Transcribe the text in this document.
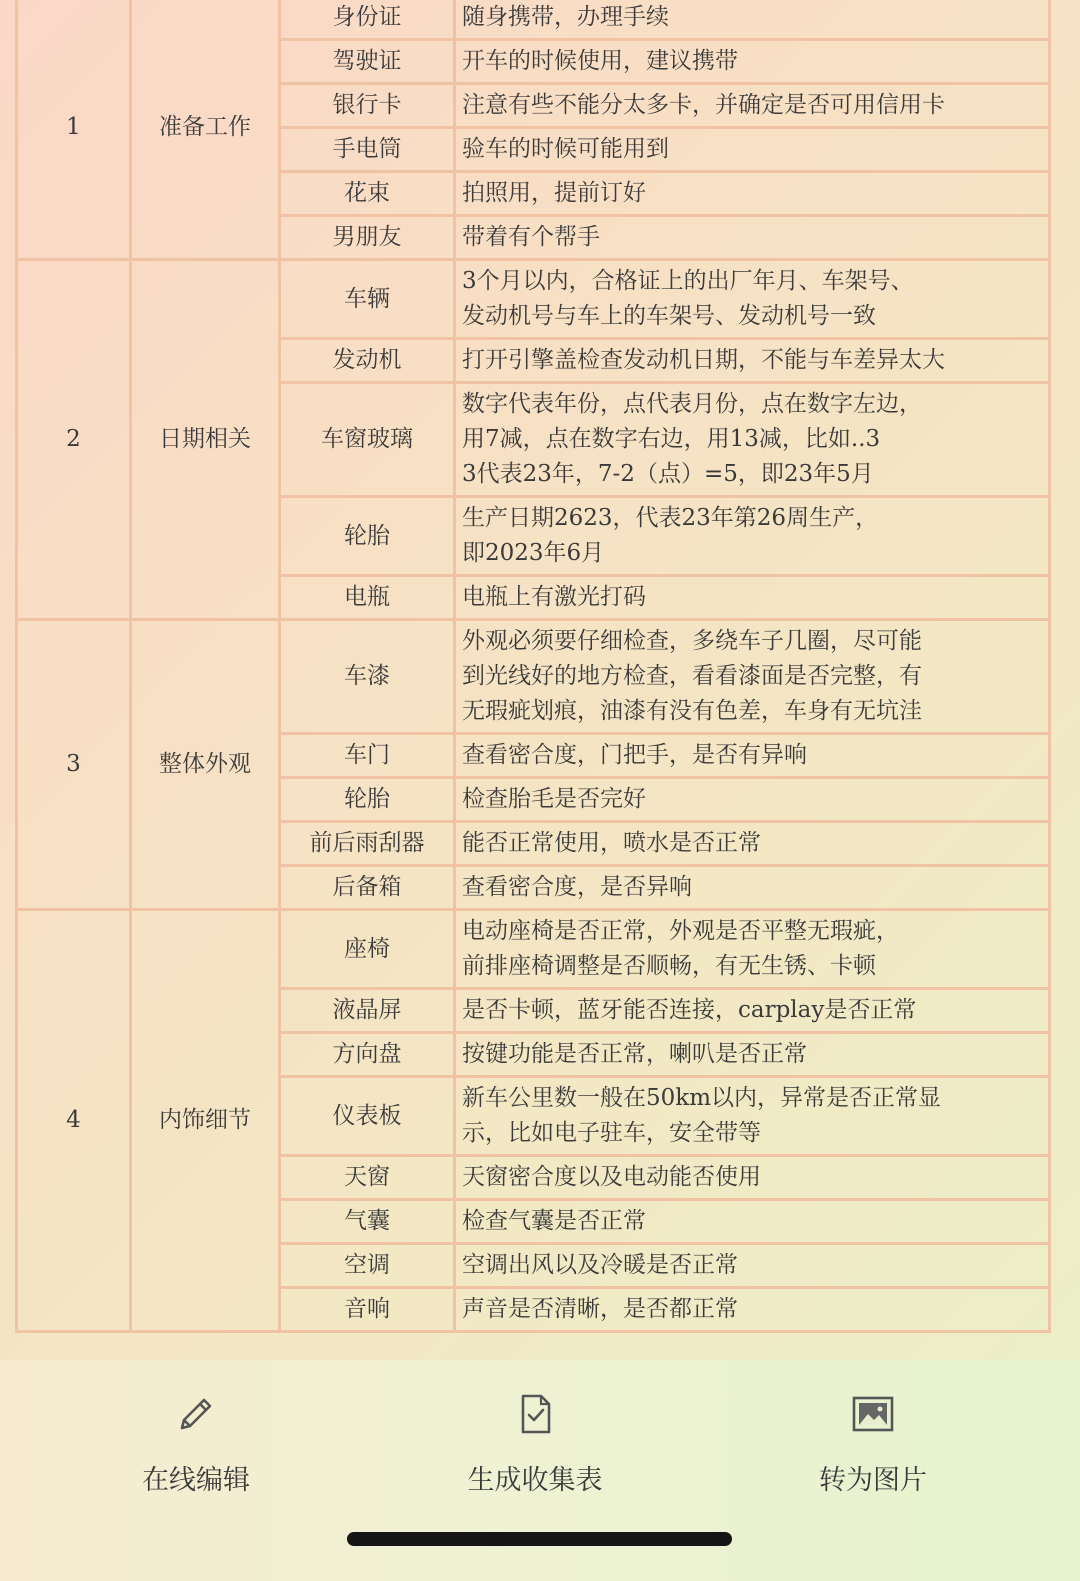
1	准备工作	身份证	随身携带，办理手续

		驾驶证	开车的时候使用，建议携带

		银行卡	注意有些不能分太多卡，并确定是否可用信用卡

		手电筒	验车的时候可能用到

		花束	拍照用，提前订好

		男朋友	带着有个帮手

2	日期相关	车辆	3个月以内，合格证上的出厂年月、车架号、
发动机号与车上的车架号、发动机号一致

		发动机	打开引擎盖检查发动机日期，不能与车差异太大

		车窗玻璃	数字代表年份，点代表月份，点在数字左边，
用7减，点在数字右边，用13减，比如..3
3代表23年，7-2（点）=5，即23年5月

		轮胎	生产日期2623，代表23年第26周生产，
即2023年6月

		电瓶	电瓶上有激光打码

3	整体外观	车漆	外观必须要仔细检查，多绕车子几圈，尽可能
到光线好的地方检查，看看漆面是否完整，有
无瑕疵划痕，油漆有没有色差，车身有无坑洼

		车门	查看密合度，门把手，是否有异响

		轮胎	检查胎毛是否完好

		前后雨刮器	能否正常使用，喷水是否正常

		后备箱	查看密合度，是否异响

4	内饰细节	座椅	电动座椅是否正常，外观是否平整无瑕疵，
前排座椅调整是否顺畅，有无生锈、卡顿

		液晶屏	是否卡顿，蓝牙能否连接，carplay是否正常

		方向盘	按键功能是否正常，喇叭是否正常

		仪表板	新车公里数一般在50km以内，异常是否正常显
示，比如电子驻车，安全带等

		天窗	天窗密合度以及电动能否使用

		气囊	检查气囊是否正常

		空调	空调出风以及冷暖是否正常

		音响	声音是否清晰，是否都正常
在线编辑	生成收集表	转为图片
